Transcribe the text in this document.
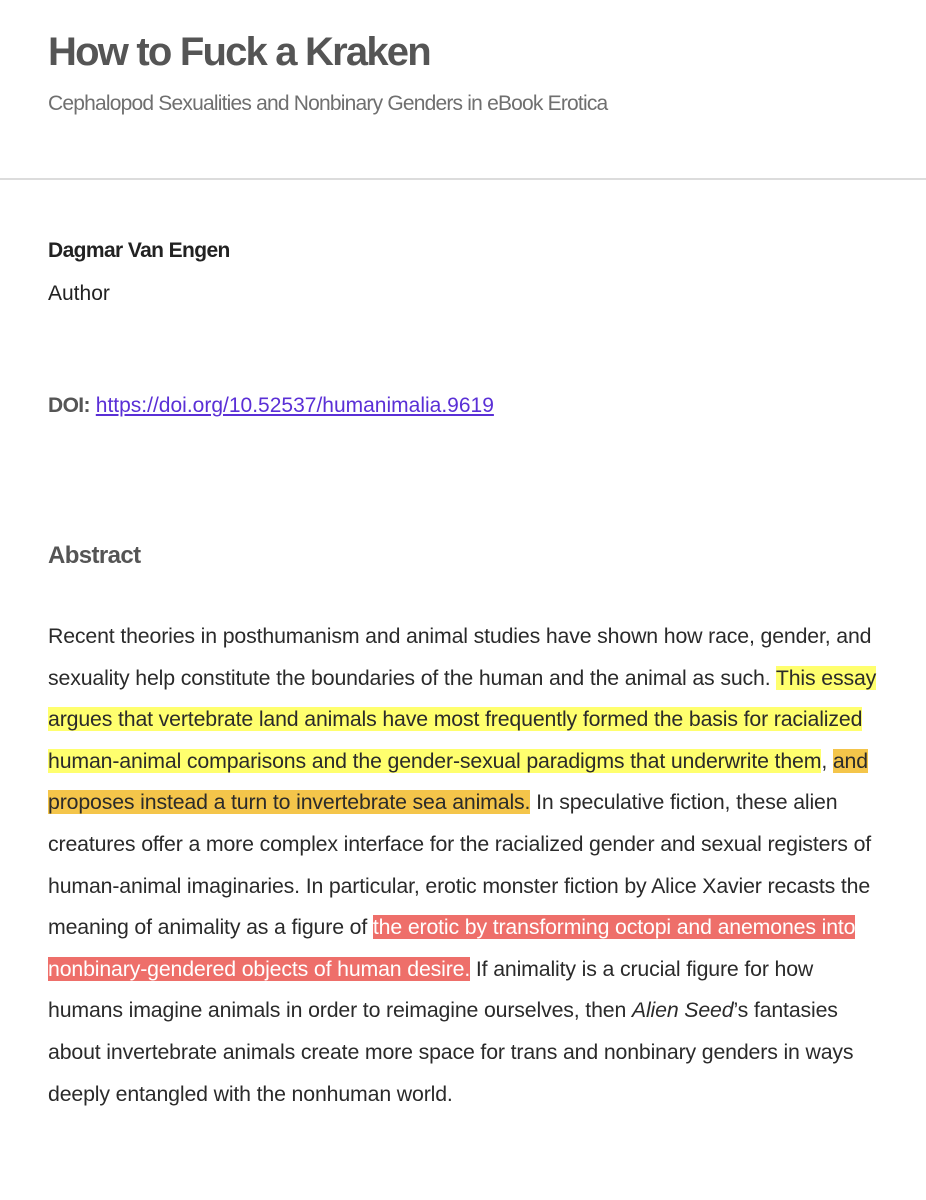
How to Fuck a Kraken

Cephalopod Sexualities and Nonbinary Genders in eBook Erotica

Dagmar Van Engen
Author
DOI: https://doi.org/10.52537/humanimalia.9619
Abstract

Recent theories in posthumanism and animal studies have shown how race, gender, and sexuality help constitute the boundaries of the human and the animal as such. This essay argues that vertebrate land animals have most frequently formed the basis for racialized human-animal comparisons and the gender-sexual paradigms that underwrite them, and proposes instead a turn to invertebrate sea animals. In speculative fiction, these alien creatures offer a more complex interface for the racialized gender and sexual registers of human-animal imaginaries. In particular, erotic monster fiction by Alice Xavier recasts the meaning of animality as a figure of the erotic by transforming octopi and anemones into nonbinary-gendered objects of human desire. If animality is a crucial figure for how humans imagine animals in order to reimagine ourselves, then Alien Seed’s fantasies about invertebrate animals create more space for trans and nonbinary genders in ways deeply entangled with the nonhuman world.
